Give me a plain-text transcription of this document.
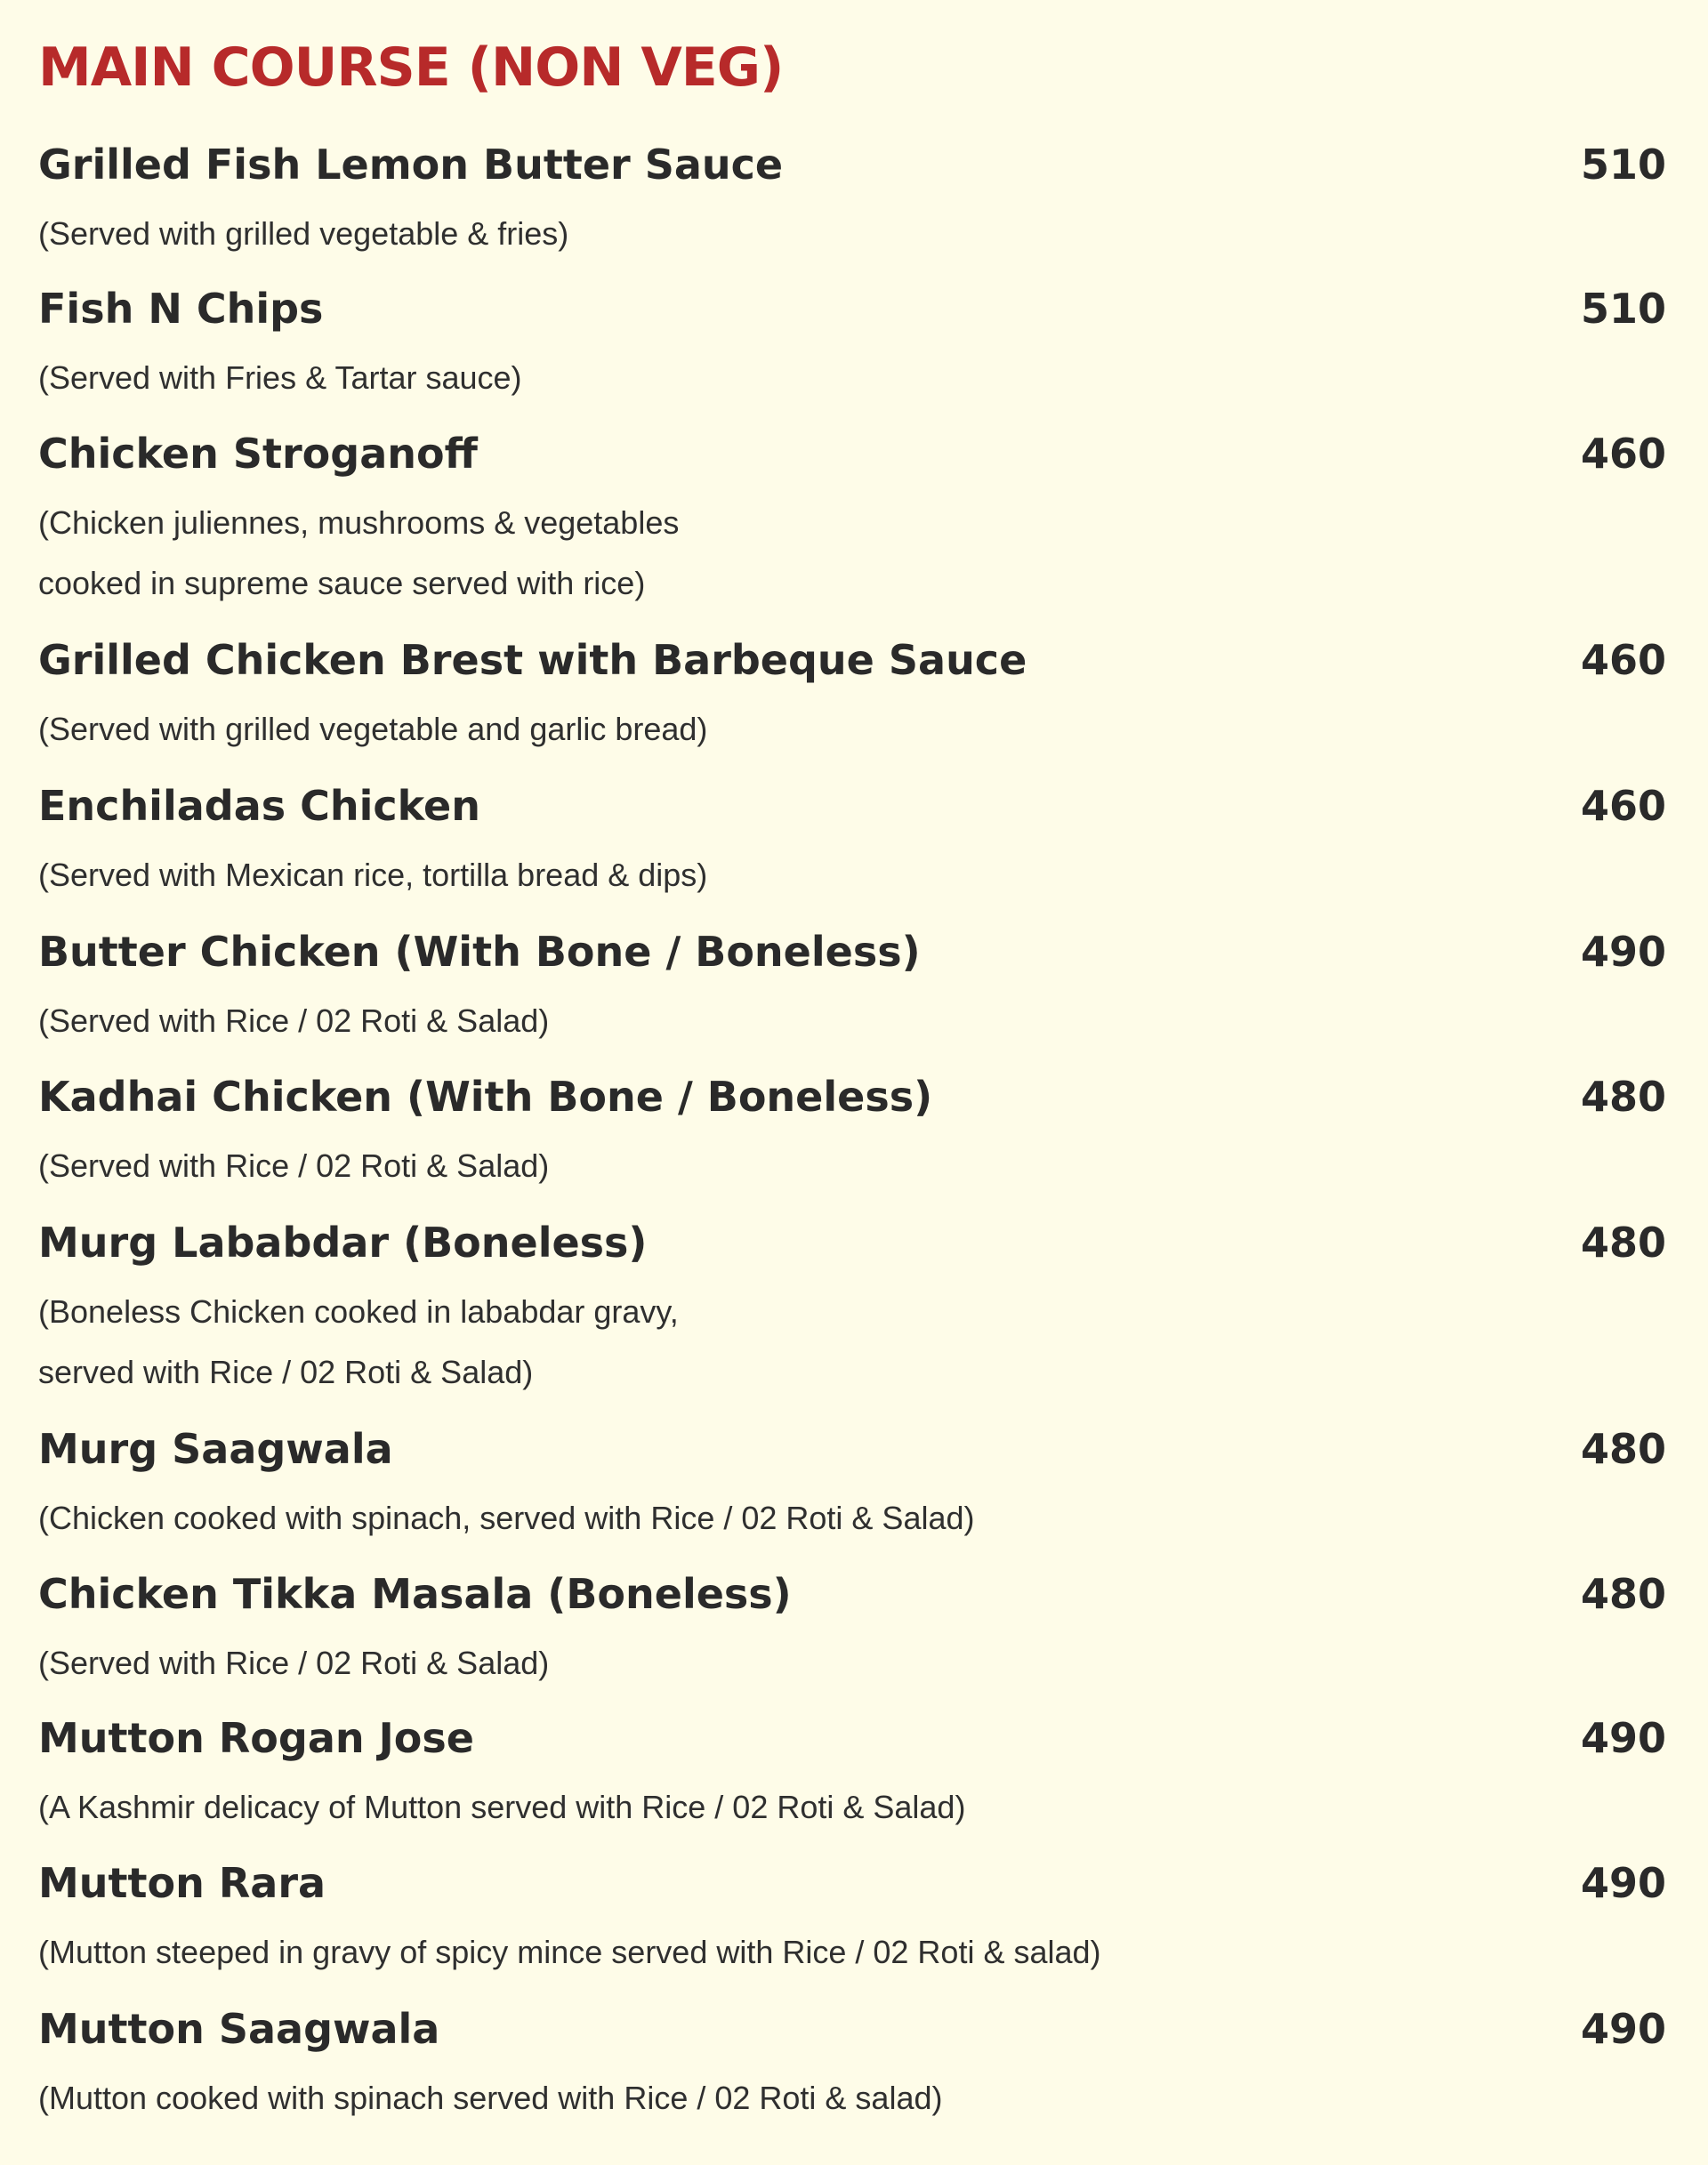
MAIN COURSE (NON VEG)
Grilled Fish Lemon Butter Sauce	510
(Served with grilled vegetable & fries)
Fish N Chips	510
(Served with Fries & Tartar sauce)
Chicken Stroganoff	460
(Chicken juliennes, mushrooms & vegetables
cooked in supreme sauce served with rice)
Grilled Chicken Brest with Barbeque Sauce	460
(Served with grilled vegetable and garlic bread)
Enchiladas Chicken	460
(Served with Mexican rice, tortilla bread & dips)
Butter Chicken (With Bone / Boneless)	490
(Served with Rice / 02 Roti & Salad)
Kadhai Chicken (With Bone / Boneless)	480
(Served with Rice / 02 Roti & Salad)
Murg Lababdar (Boneless)	480
(Boneless Chicken cooked in lababdar gravy,
served with Rice / 02 Roti & Salad)
Murg Saagwala	480
(Chicken cooked with spinach, served with Rice / 02 Roti & Salad)
Chicken Tikka Masala (Boneless)	480
(Served with Rice / 02 Roti & Salad)
Mutton Rogan Jose	490
(A Kashmir delicacy of Mutton served with Rice / 02 Roti & Salad)
Mutton Rara	490
(Mutton steeped in gravy of spicy mince served with Rice / 02 Roti & salad)
Mutton Saagwala	490
(Mutton cooked with spinach served with Rice / 02 Roti & salad)
